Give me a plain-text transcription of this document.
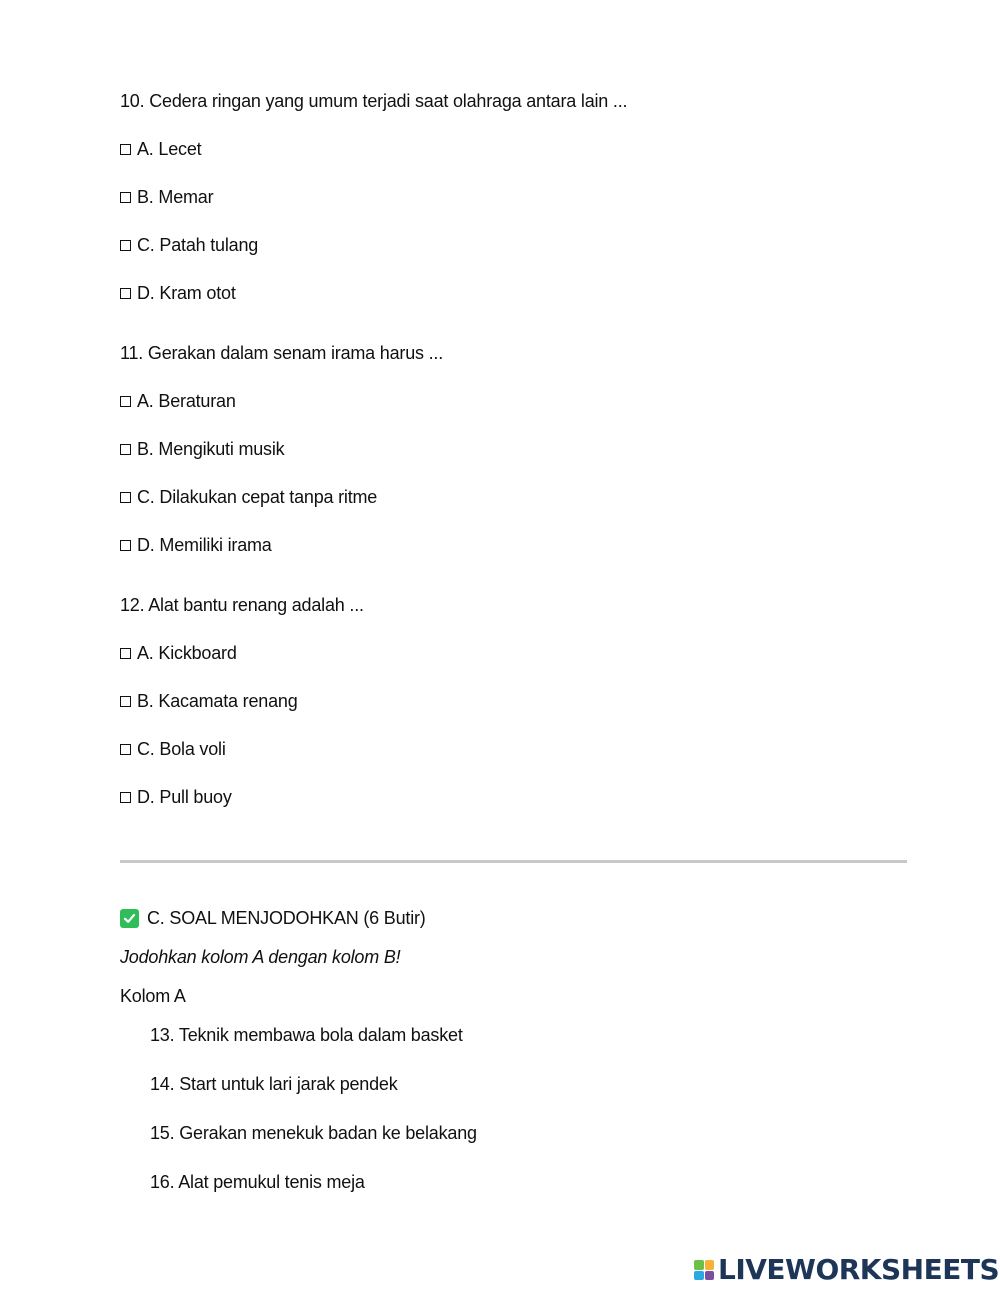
10. Cedera ringan yang umum terjadi saat olahraga antara lain ...
A. Lecet
B. Memar
C. Patah tulang
D. Kram otot
11. Gerakan dalam senam irama harus ...
A. Beraturan
B. Mengikuti musik
C. Dilakukan cepat tanpa ritme
D. Memiliki irama
12. Alat bantu renang adalah ...
A. Kickboard
B. Kacamata renang
C. Bola voli
D. Pull buoy
C. SOAL MENJODOHKAN (6 Butir)
Jodohkan kolom A dengan kolom B!
Kolom A
13. Teknik membawa bola dalam basket
14. Start untuk lari jarak pendek
15. Gerakan menekuk badan ke belakang
16. Alat pemukul tenis meja
LIVEWORKSHEETS
